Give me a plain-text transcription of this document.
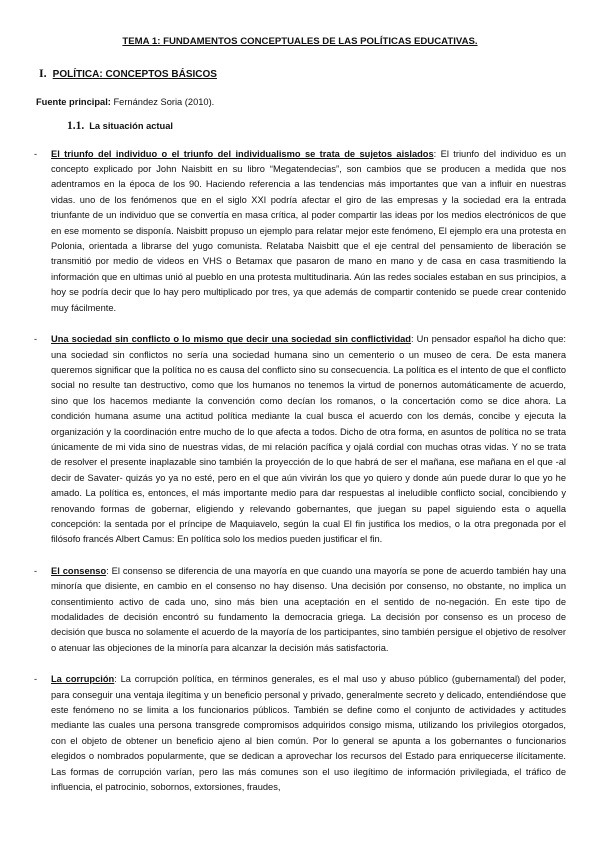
TEMA 1: FUNDAMENTOS CONCEPTUALES DE LAS POLÍTICAS EDUCATIVAS.
I. POLÍTICA: CONCEPTOS BÁSICOS
Fuente principal: Fernández Soria (2010).
1.1. La situación actual
- El triunfo del individuo o el triunfo del individualismo se trata de sujetos aislados: El triunfo del individuo es un concepto explicado por John Naisbitt en su libro “Megatendecias”, son cambios que se producen a medida que nos adentramos en la época de los 90. Haciendo referencia a las tendencias más importantes que van a influir en nuestras vidas. uno de los fenómenos que en el siglo XXI podría afectar el giro de las empresas y la sociedad era la entrada triunfante de un individuo que se convertía en masa crítica, al poder compartir las ideas por los medios electrónicos de que en ese momento se disponía. Naisbitt propuso un ejemplo para relatar mejor este fenómeno, El ejemplo era una protesta en Polonia, orientada a librarse del yugo comunista. Relataba Naisbitt que el eje central del pensamiento de liberación se transmitió por medio de videos en VHS o Betamax que pasaron de mano en mano y de casa en casa trasmitiendo la información que en ultimas unió al pueblo en una protesta multitudinaria. Aún las redes sociales estaban en sus principios, a hoy se podría decir que lo hay pero multiplicado por tres, ya que además de compartir contenido se puede crear contenido muy fácilmente.
- Una sociedad sin conflicto o lo mismo que decir una sociedad sin conflictividad: Un pensador español ha dicho que: una sociedad sin conflictos no sería una sociedad humana sino un cementerio o un museo de cera. De esta manera queremos significar que la política no es causa del conflicto sino su consecuencia. La política es el intento de que el conflicto social no resulte tan destructivo, como que los humanos no tenemos la virtud de ponernos automáticamente de acuerdo, sino que los hacemos mediante la convención como decían los romanos, o la concertación como se dice ahora. La condición humana asume una actitud política mediante la cual busca el acuerdo con los demás, concibe y ejecuta la organización y la coordinación entre mucho de lo que afecta a todos. Dicho de otra forma, en asuntos de política no se trata únicamente de mi vida sino de nuestras vidas, de mi relación pacífica y ojalá cordial con muchas otras vidas. Y no se trata de resolver el presente inaplazable sino también la proyección de lo que habrá de ser el mañana, ese mañana en el que -al decir de Savater- quizás yo ya no esté, pero en el que aún vivirán los que yo quiero y donde aún puede durar lo que yo he amado. La política es, entonces, el más importante medio para dar respuestas al ineludible conflicto social, concibiendo y renovando formas de gobernar, eligiendo y relevando gobernantes, que juegan su papel siguiendo esta o aquella concepción: la sentada por el príncipe de Maquiavelo, según la cual El fin justifica los medios, o la otra pregonada por el filósofo francés Albert Camus: En política solo los medios pueden justificar el fin.
- El consenso: El consenso se diferencia de una mayoría en que cuando una mayoría se pone de acuerdo también hay una minoría que disiente, en cambio en el consenso no hay disenso. Una decisión por consenso, no obstante, no implica un consentimiento activo de cada uno, sino más bien una aceptación en el sentido de no-negación. En este tipo de modalidades de decisión encontró su fundamento la democracia griega. La decisión por consenso es un proceso de decisión que busca no solamente el acuerdo de la mayoría de los participantes, sino también persigue el objetivo de resolver o atenuar las objeciones de la minoría para alcanzar la decisión más satisfactoria.
- La corrupción: La corrupción política, en términos generales, es el mal uso y abuso público (gubernamental) del poder, para conseguir una ventaja ilegítima y un beneficio personal y privado, generalmente secreto y delicado, entendiéndose que este fenómeno no se limita a los funcionarios públicos. También se define como el conjunto de actividades y actitudes mediante las cuales una persona transgrede compromisos adquiridos consigo misma, utilizando los privilegios otorgados, con el objeto de obtener un beneficio ajeno al bien común. Por lo general se apunta a los gobernantes o funcionarios elegidos o nombrados popularmente, que se dedican a aprovechar los recursos del Estado para enriquecerse ilícitamente. Las formas de corrupción varían, pero las más comunes son el uso ilegítimo de información privilegiada, el tráfico de influencia, el patrocinio, sobornos, extorsiones, fraudes,
